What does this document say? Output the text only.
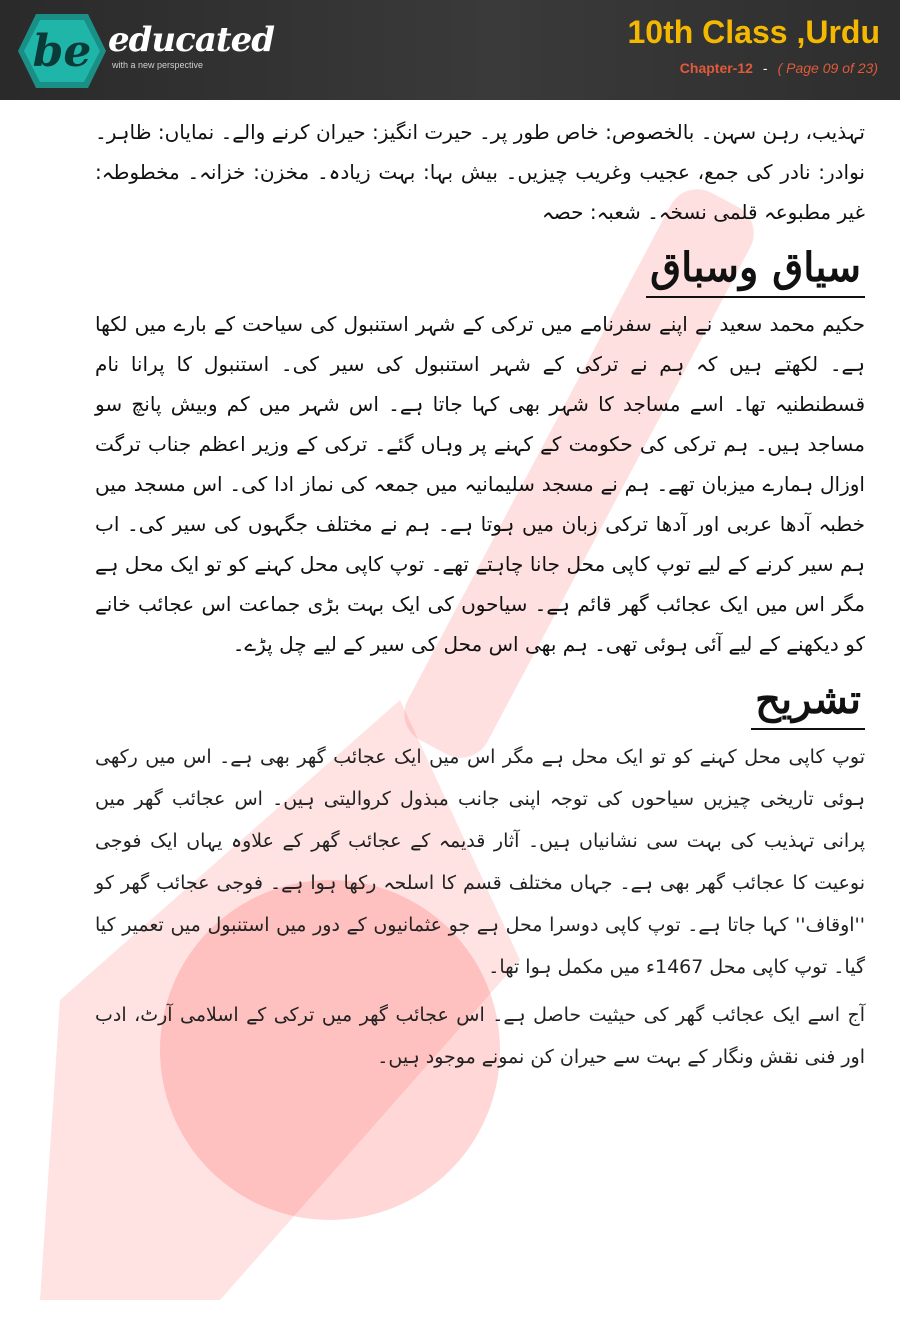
be educated
with a new perspective
10th Class ,Urdu
Chapter-12 - ( Page 09 of 23)

تہذیب، رہن سہن۔ بالخصوص: خاص طور پر۔ حیرت انگیز: حیران کرنے والے۔ نمایاں: ظاہر۔ نوادر: نادر کی جمع، عجیب وغریب چیزیں۔ بیش بہا: بہت زیادہ۔ مخزن: خزانہ۔ مخطوطہ: غیر مطبوعہ قلمی نسخہ۔ شعبہ: حصہ

سیاق وسباق

حکیم محمد سعید نے اپنے سفرنامے میں ترکی کے شہر استنبول کی سیاحت کے بارے میں لکھا ہے۔ لکھتے ہیں کہ ہم نے ترکی کے شہر استنبول کی سیر کی۔ استنبول کا پرانا نام قسطنطنیہ تھا۔ اسے مساجد کا شہر بھی کہا جاتا ہے۔ اس شہر میں کم وبیش پانچ سو مساجد ہیں۔ ہم ترکی کی حکومت کے کہنے پر وہاں گئے۔ ترکی کے وزیر اعظم جناب ترگت اوزال ہمارے میزبان تھے۔ ہم نے مسجد سلیمانیہ میں جمعہ کی نماز ادا کی۔ اس مسجد میں خطبہ آدھا عربی اور آدھا ترکی زبان میں ہوتا ہے۔ ہم نے مختلف جگہوں کی سیر کی۔ اب ہم سیر کرنے کے لیے توپ کاپی محل جانا چاہتے تھے۔ توپ کاپی محل کہنے کو تو ایک محل ہے مگر اس میں ایک عجائب گھر قائم ہے۔ سیاحوں کی ایک بہت بڑی جماعت اس عجائب خانے کو دیکھنے کے لیے آئی ہوئی تھی۔ ہم بھی اس محل کی سیر کے لیے چل پڑے۔

تشریح

توپ کاپی محل کہنے کو تو ایک محل ہے مگر اس میں ایک عجائب گھر بھی ہے۔ اس میں رکھی ہوئی تاریخی چیزیں سیاحوں کی توجہ اپنی جانب مبذول کروالیتی ہیں۔ اس عجائب گھر میں پرانی تہذیب کی بہت سی نشانیاں ہیں۔ آثار قدیمہ کے عجائب گھر کے علاوہ یہاں ایک فوجی نوعیت کا عجائب گھر بھی ہے۔ جہاں مختلف قسم کا اسلحہ رکھا ہوا ہے۔ فوجی عجائب گھر کو ''اوقاف'' کہا جاتا ہے۔ توپ کاپی دوسرا محل ہے جو عثمانیوں کے دور میں استنبول میں تعمیر کیا گیا۔ توپ کاپی محل 1467ء میں مکمل ہوا تھا۔

آج اسے ایک عجائب گھر کی حیثیت حاصل ہے۔ اس عجائب گھر میں ترکی کے اسلامی آرٹ، ادب اور فنی نقش ونگار کے بہت سے حیران کن نمونے موجود ہیں۔
